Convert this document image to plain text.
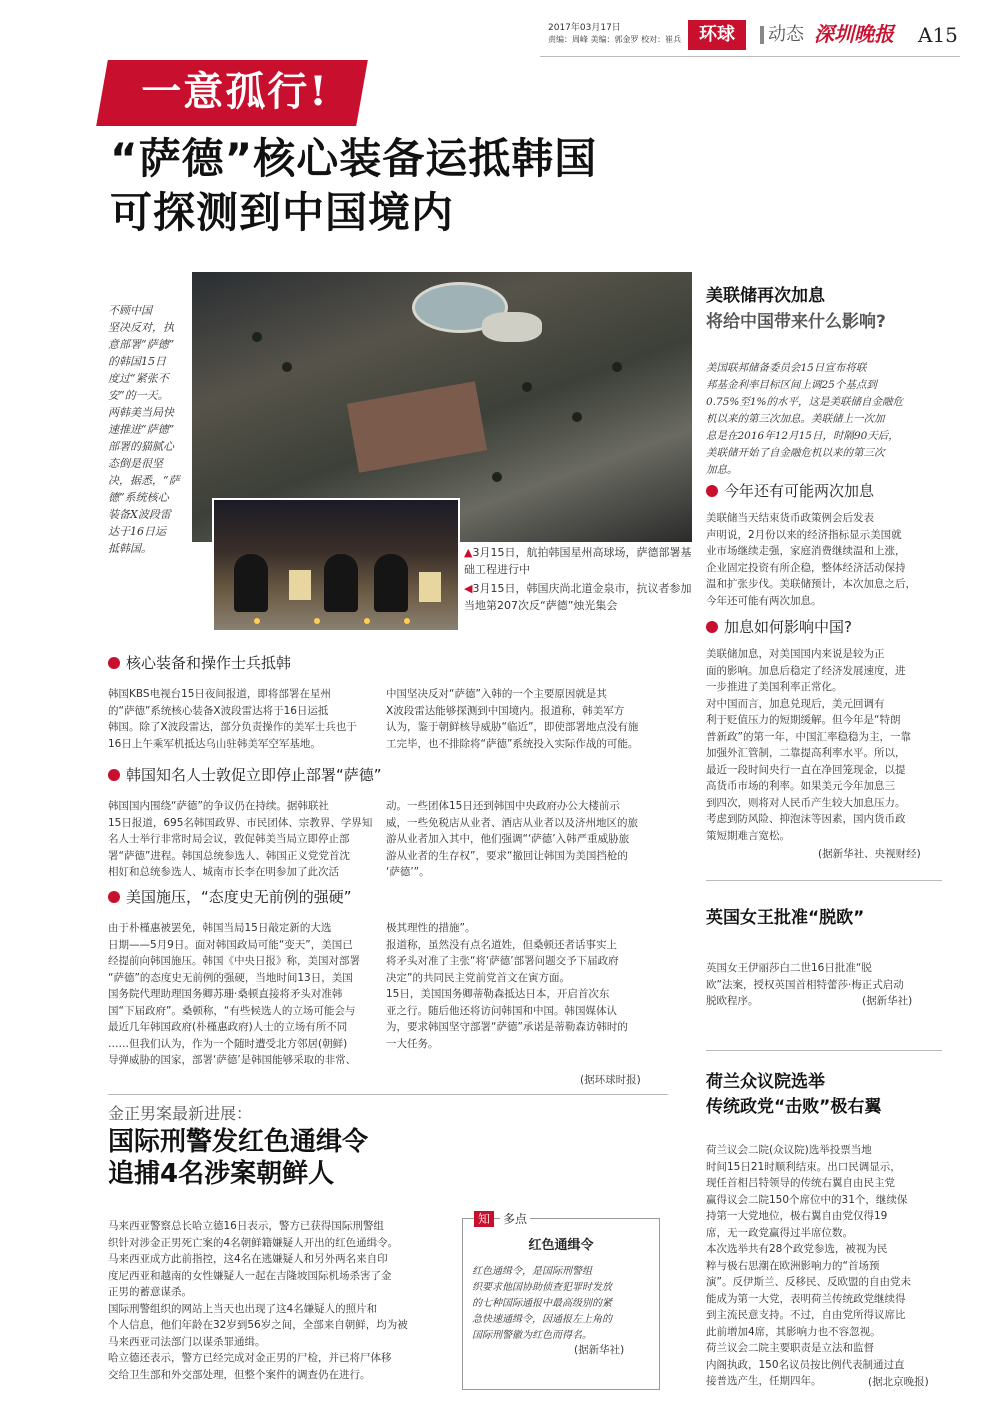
2017年03月17日
责编：周峰 美编：郭金罗 校对：崔兵 环球	动态 深圳晚报 A15
一意孤行!
“萨德”核心装备运抵韩国
可探测到中国境内

不顾中国

坚决反对，执

意部署“萨德”

的韩国15日

度过“紧张不

安”的一天。

两韩美当局快

速推进“萨德”

部署的猫腻心

态倒是很坚

决，据悉，“萨

德”系统核心

装备X波段雷

达于16日运

抵韩国。	▲3月15日，航拍韩国星州高球场，萨德部署基础工程进行中
◀3月15日，韩国庆尚北道金泉市，抗议者参加当地第207次反“萨德”烛光集会
核心装备和操作士兵抵韩

韩国KBS电视台15日夜间报道，即将部署在星州

的“萨德”系统核心装备X波段雷达将于16日运抵

韩国。除了X波段雷达，部分负责操作的美军士兵也于

16日上午乘军机抵达乌山驻韩美军空军基地。

中国坚决反对“萨德”入韩的一个主要原因就是其

X波段雷达能够探测到中国境内。报道称，韩美军方

认为，鉴于朝鲜核导威胁“临近”，即使部署地点没有施

工完毕，也不排除将“萨德”系统投入实际作战的可能。

韩国知名人士敦促立即停止部署“萨德”

韩国国内围绕“萨德”的争议仍在持续。据韩联社

15日报道，695名韩国政界、市民团体、宗教界、学界知

名人士举行非常时局会议，敦促韩美当局立即停止部

署“萨德”进程。韩国总统参选人、韩国正义党党首沈

相奵和总统参选人、城南市长李在明参加了此次活

动。一些团体15日还到韩国中央政府办公大楼前示

威，一些免税店从业者、酒店从业者以及济州地区的旅

游从业者加入其中，他们强调“‘萨德’入韩严重威胁旅

游从业者的生存权”，要求“撤回让韩国为美国挡枪的

‘萨德’”。

美国施压，“态度史无前例的强硬”

由于朴槿惠被罢免，韩国当局15日敲定新的大选

日期——5月9日。面对韩国政局可能“变天”，美国已

经提前向韩国施压。韩国《中央日报》称，美国对部署

“萨德”的态度史无前例的强硬，当地时间13日，美国

国务院代理助理国务卿苏珊·桑顿直接将矛头对准韩

国“下届政府”。桑顿称，“有些候选人的立场可能会与

最近几年韩国政府(朴槿惠政府)人士的立场有所不同

……但我们认为，作为一个随时遭受北方邻居(朝鲜)

导弹威胁的国家，部署‘萨德’是韩国能够采取的非常、

极其理性的措施”。

报道称，虽然没有点名道姓，但桑顿还者话事实上

将矛头对准了主张“将‘萨德’部署问题交予下届政府

决定”的共同民主党前党首文在寅方面。

15日，美国国务卿蒂勒森抵达日本，开启首次东

亚之行。随后他还将访问韩国和中国。韩国媒体认

为，要求韩国坚守部署“萨德”承诺是蒂勒森访韩时的

一大任务。

(据环球时报)
金正男案最新进展：
国际刑警发红色通缉令
追捕4名涉案朝鲜人

马来西亚警察总长哈立德16日表示，警方已获得国际刑警组

织针对涉金正男死亡案的4名朝鲜籍嫌疑人开出的红色通缉令。

马来西亚成方此前指控，这4名在逃嫌疑人和另外两名来自印

度尼西亚和越南的女性嫌疑人一起在吉隆坡国际机场杀害了金

正男的蓄意谋杀。

国际刑警组织的网站上当天也出现了这4名嫌疑人的照片和

个人信息，他们年龄在32岁到56岁之间，全部来自朝鲜，均为被

马来西亚司法部门以谋杀罪通缉。

哈立德还表示，警方已经完成对金正男的尸检，并已将尸体移

交给卫生部和外交部处理，但整个案件的调查仍在进行。

知	多点
红色通缉令

红色通缉令，是国际刑警组

织要求他国协助侦查犯罪时发放

的七种国际通报中最高级别的紧

急快速通缉令，因通报左上角的

国际刑警徽为红色而得名。

(据新华社)
美联储再次加息
将给中国带来什么影响?

美国联邦储备委员会15日宣布将联

邦基金利率目标区间上调25个基点到

0.75%至1%的水平，这是美联储自金融危

机以来的第三次加息。美联储上一次加

息是在2016年12月15日，时隔90天后，

美联储开始了自金融危机以来的第三次

加息。

今年还有可能两次加息

美联储当天结束货币政策例会后发表

声明说，2月份以来的经济指标显示美国就

业市场继续走强，家庭消费继续温和上涨，

企业固定投资有所企稳，整体经济活动保持

温和扩张步伐。美联储预计，本次加息之后，

今年还可能有两次加息。

加息如何影响中国?

美联储加息，对美国国内来说是较为正

面的影响。加息后稳定了经济发展速度，进

一步推进了美国利率正常化。

对中国而言，加息兑现后，美元回调有

利于贬值压力的短期缓解。但今年是“特朗

普新政”的第一年，中国汇率稳稳为主，一靠

加强外汇管制，二靠提高利率水平。所以，

最近一段时间央行一直在净回笼现金，以提

高货币市场的利率。如果美元今年加息三

到四次，则将对人民币产生较大加息压力。

考虑到防风险、抑泡沫等因素，国内货币政

策短期难言宽松。

(据新华社、央视财经)
英国女王批准“脱欧”

英国女王伊丽莎白二世16日批准“脱

欧”法案，授权英国首相特蕾莎·梅正式启动

脱欧程序。	(据新华社)
荷兰众议院选举
传统政党“击败”极右翼

荷兰议会二院(众议院)选举投票当地

时间15日21时顺利结束。出口民调显示，

现任首相吕特领导的传统右翼自由民主党

赢得议会二院150个席位中的31个，继续保

持第一大党地位，极右翼自由党仅得19

席，无一政党赢得过半席位数。

本次选举共有28个政党参选，被视为民

粹与极右思潮在欧洲影响力的“首场预

演”。反伊斯兰、反移民、反欧盟的自由党未

能成为第一大党，表明荷兰传统政党继续得

到主流民意支持。不过，自由党所得议席比

此前增加4席，其影响力也不容忽视。

荷兰议会二院主要职责是立法和监督

内阁执政，150名议员按比例代表制通过直

接普选产生，任期四年。	(据北京晚报)
